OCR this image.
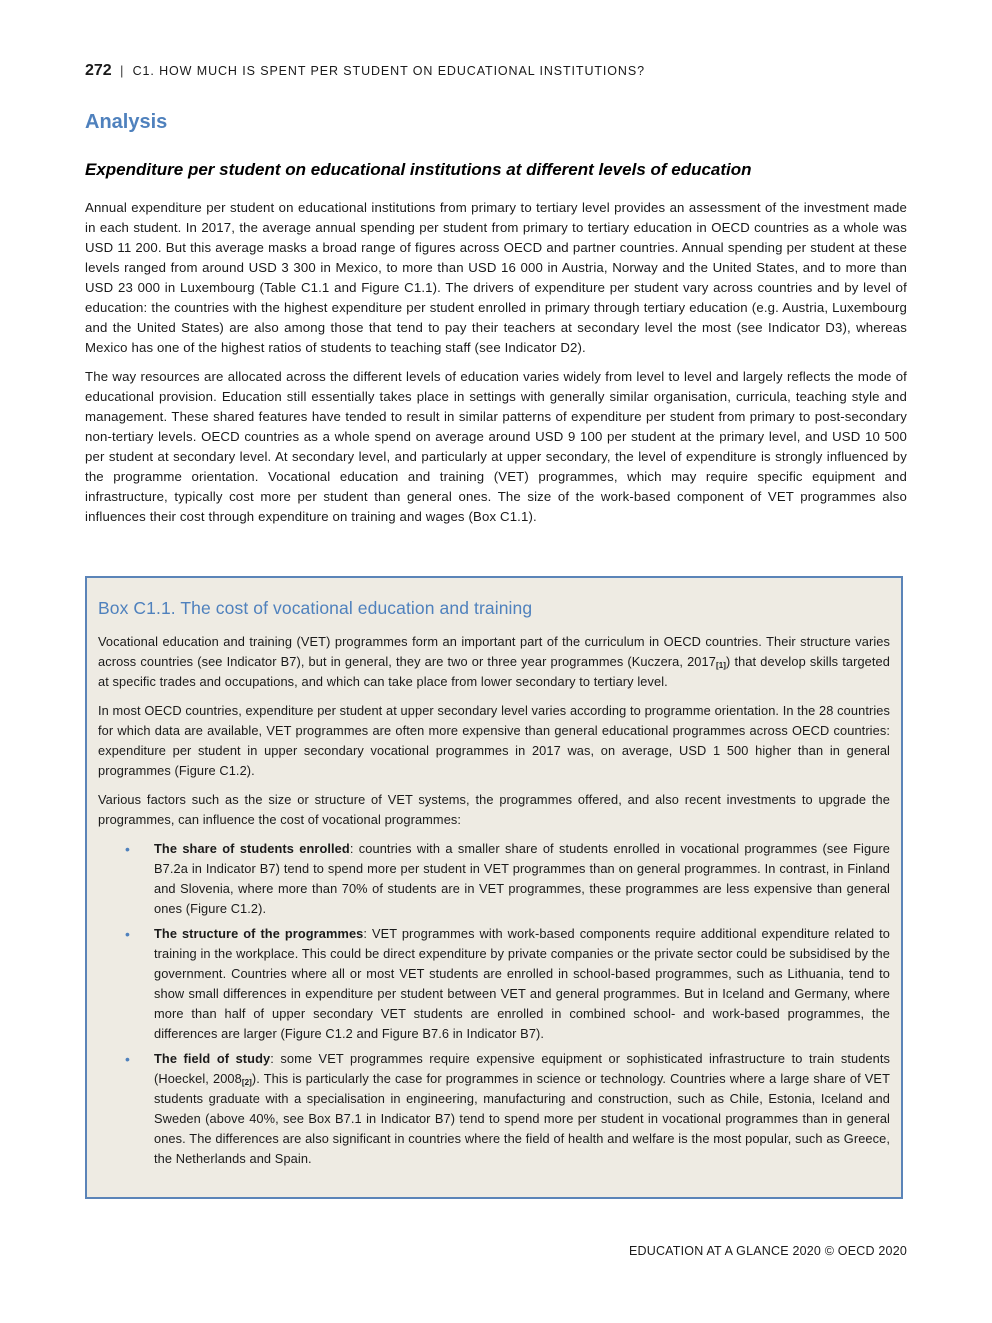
272 | C1. HOW MUCH IS SPENT PER STUDENT ON EDUCATIONAL INSTITUTIONS?
Analysis
Expenditure per student on educational institutions at different levels of education

Annual expenditure per student on educational institutions from primary to tertiary level provides an assessment of the investment made in each student. In 2017, the average annual spending per student from primary to tertiary education in OECD countries as a whole was USD 11 200. But this average masks a broad range of figures across OECD and partner countries. Annual spending per student at these levels ranged from around USD 3 300 in Mexico, to more than USD 16 000 in Austria, Norway and the United States, and to more than USD 23 000 in Luxembourg (Table C1.1 and Figure C1.1). The drivers of expenditure per student vary across countries and by level of education: the countries with the highest expenditure per student enrolled in primary through tertiary education (e.g. Austria, Luxembourg and the United States) are also among those that tend to pay their teachers at secondary level the most (see Indicator D3), whereas Mexico has one of the highest ratios of students to teaching staff (see Indicator D2).

The way resources are allocated across the different levels of education varies widely from level to level and largely reflects the mode of educational provision. Education still essentially takes place in settings with generally similar organisation, curricula, teaching style and management. These shared features have tended to result in similar patterns of expenditure per student from primary to post-secondary non-tertiary levels. OECD countries as a whole spend on average around USD 9 100 per student at the primary level, and USD 10 500 per student at secondary level. At secondary level, and particularly at upper secondary, the level of expenditure is strongly influenced by the programme orientation. Vocational education and training (VET) programmes, which may require specific equipment and infrastructure, typically cost more per student than general ones. The size of the work-based component of VET programmes also influences their cost through expenditure on training and wages (Box C1.1).

Box C1.1. The cost of vocational education and training

Vocational education and training (VET) programmes form an important part of the curriculum in OECD countries. Their structure varies across countries (see Indicator B7), but in general, they are two or three year programmes (Kuczera, $2017_{[1]}$) that develop skills targeted at specific trades and occupations, and which can take place from lower secondary to tertiary level.

In most OECD countries, expenditure per student at upper secondary level varies according to programme orientation. In the 28 countries for which data are available, VET programmes are often more expensive than general educational programmes across OECD countries: expenditure per student in upper secondary vocational programmes in 2017 was, on average, USD 1 500 higher than in general programmes (Figure C1.2).

Various factors such as the size or structure of VET systems, the programmes offered, and also recent investments to upgrade the programmes, can influence the cost of vocational programmes:

• The share of students enrolled: countries with a smaller share of students enrolled in vocational programmes (see Figure B7.2a in Indicator B7) tend to spend more per student in VET programmes than on general programmes. In contrast, in Finland and Slovenia, where more than 70% of students are in VET programmes, these programmes are less expensive than general ones (Figure C1.2).
• The structure of the programmes: VET programmes with work-based components require additional expenditure related to training in the workplace. This could be direct expenditure by private companies or the private sector could be subsidised by the government. Countries where all or most VET students are enrolled in school-based programmes, such as Lithuania, tend to show small differences in expenditure per student between VET and general programmes. But in Iceland and Germany, where more than half of upper secondary VET students are enrolled in combined school- and work-based programmes, the differences are larger (Figure C1.2 and Figure B7.6 in Indicator B7).
• The field of study: some VET programmes require expensive equipment or sophisticated infrastructure to train students (Hoeckel, $2008_{[2]}$). This is particularly the case for programmes in science or technology. Countries where a large share of VET students graduate with a specialisation in engineering, manufacturing and construction, such as Chile, Estonia, Iceland and Sweden (above 40%, see Box B7.1 in Indicator B7) tend to spend more per student in vocational programmes than in general ones. The differences are also significant in countries where the field of health and welfare is the most popular, such as Greece, the Netherlands and Spain.
EDUCATION AT A GLANCE 2020 © OECD 2020
